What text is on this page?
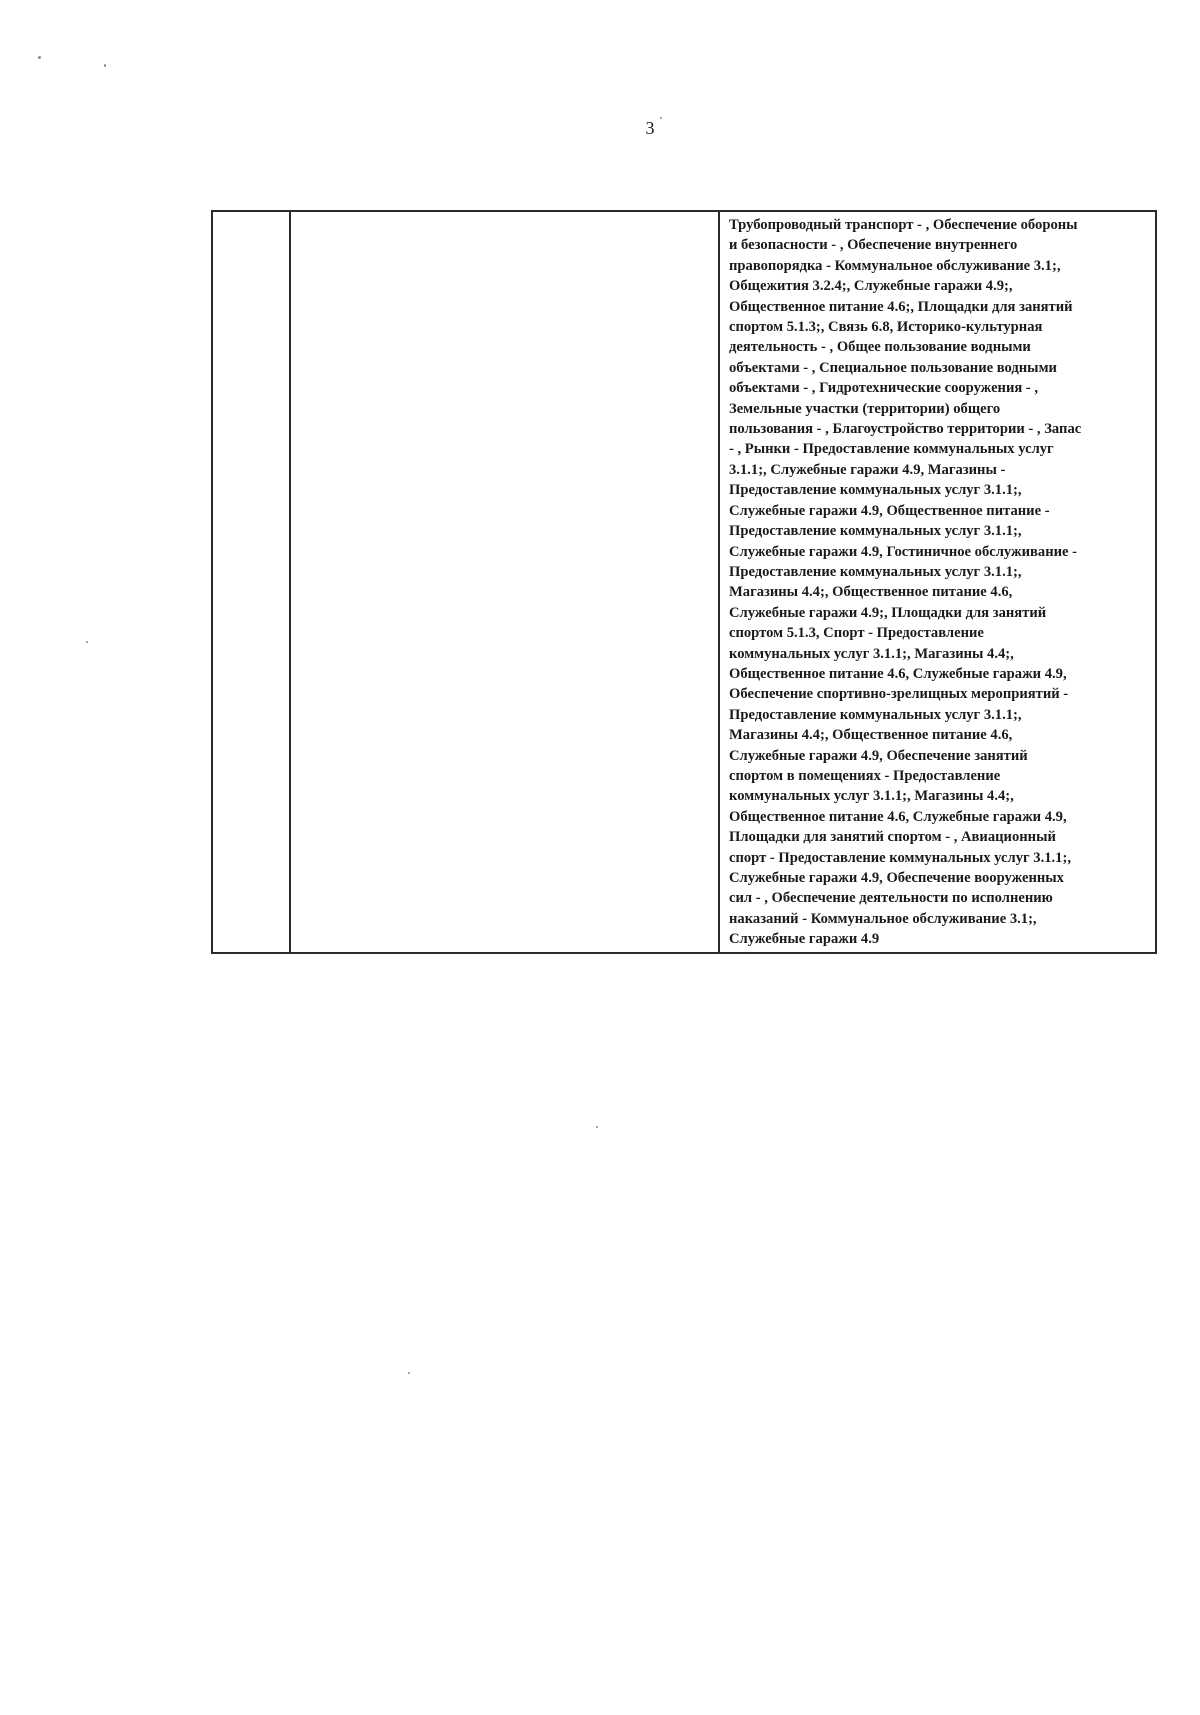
3

Трубопроводный транспорт - , Обеспечение обороны
и безопасности - , Обеспечение внутреннего
правопорядка - Коммунальное обслуживание 3.1;,
Общежития 3.2.4;, Служебные гаражи 4.9;,
Общественное питание 4.6;, Площадки для занятий
спортом 5.1.3;, Связь 6.8, Историко-культурная
деятельность - , Общее пользование водными
объектами - , Специальное пользование водными
объектами - , Гидротехнические сооружения - ,
Земельные участки (территории) общего
пользования - , Благоустройство территории - , Запас
- , Рынки - Предоставление коммунальных услуг
3.1.1;, Служебные гаражи 4.9, Магазины -
Предоставление коммунальных услуг 3.1.1;,
Служебные гаражи 4.9, Общественное питание -
Предоставление коммунальных услуг 3.1.1;,
Служебные гаражи 4.9, Гостиничное обслуживание -
Предоставление коммунальных услуг 3.1.1;,
Магазины 4.4;, Общественное питание 4.6,
Служебные гаражи 4.9;, Площадки для занятий
спортом 5.1.3, Спорт - Предоставление
коммунальных услуг 3.1.1;, Магазины 4.4;,
Общественное питание 4.6, Служебные гаражи 4.9,
Обеспечение спортивно-зрелищных мероприятий -
Предоставление коммунальных услуг 3.1.1;,
Магазины 4.4;, Общественное питание 4.6,
Служебные гаражи 4.9, Обеспечение занятий
спортом в помещениях - Предоставление
коммунальных услуг 3.1.1;, Магазины 4.4;,
Общественное питание 4.6, Служебные гаражи 4.9,
Площадки для занятий спортом - , Авиационный
спорт - Предоставление коммунальных услуг 3.1.1;,
Служебные гаражи 4.9, Обеспечение вооруженных
сил - , Обеспечение деятельности по исполнению
наказаний - Коммунальное обслуживание 3.1;,
Служебные гаражи 4.9
